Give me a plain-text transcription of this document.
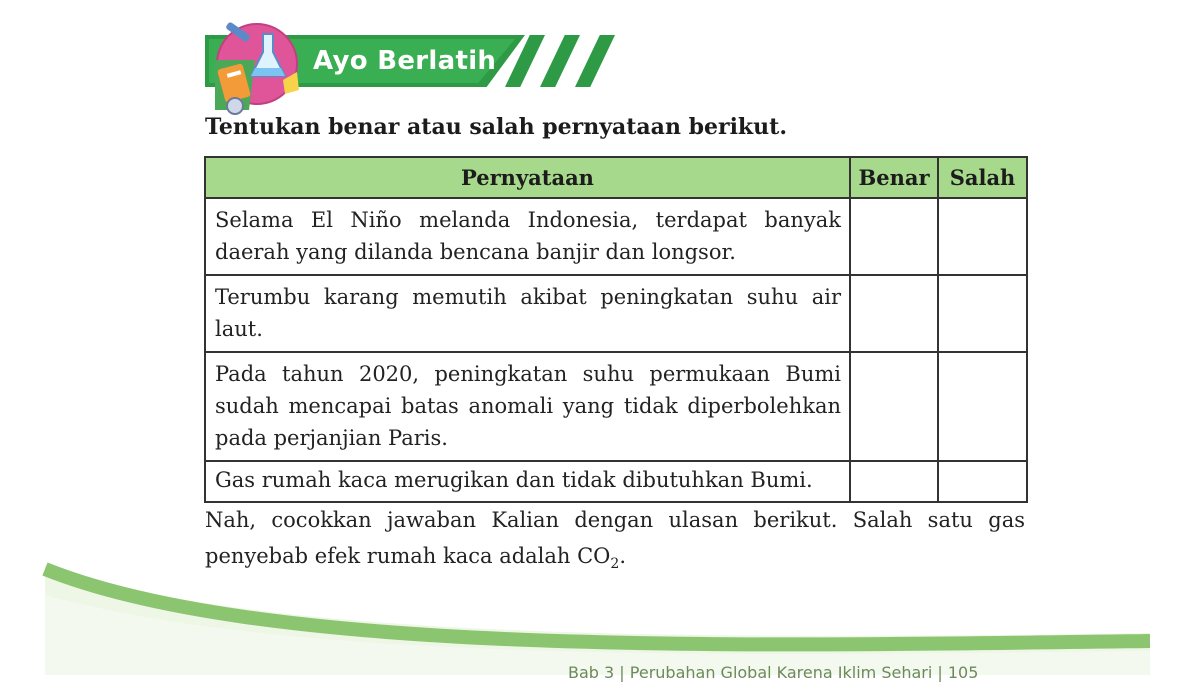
Ayo Berlatih
Tentukan benar atau salah pernyataan berikut.
Pernyataan	Benar	Salah
Selama El Niño melanda Indonesia, terdapat banyak daerah yang dilanda bencana banjir dan longsor.		
Terumbu karang memutih akibat peningkatan suhu air laut.		
Pada tahun 2020, peningkatan suhu permukaan Bumi sudah mencapai batas anomali yang tidak diperbolehkan pada perjanjian Paris.		
Gas rumah kaca merugikan dan tidak dibutuhkan Bumi.		

Nah, cocokkan jawaban Kalian dengan ulasan berikut. Salah satu gas penyebab efek rumah kaca adalah $CO_2$.

Bab 3 | Perubahan Global Karena Iklim Sehari | 105
